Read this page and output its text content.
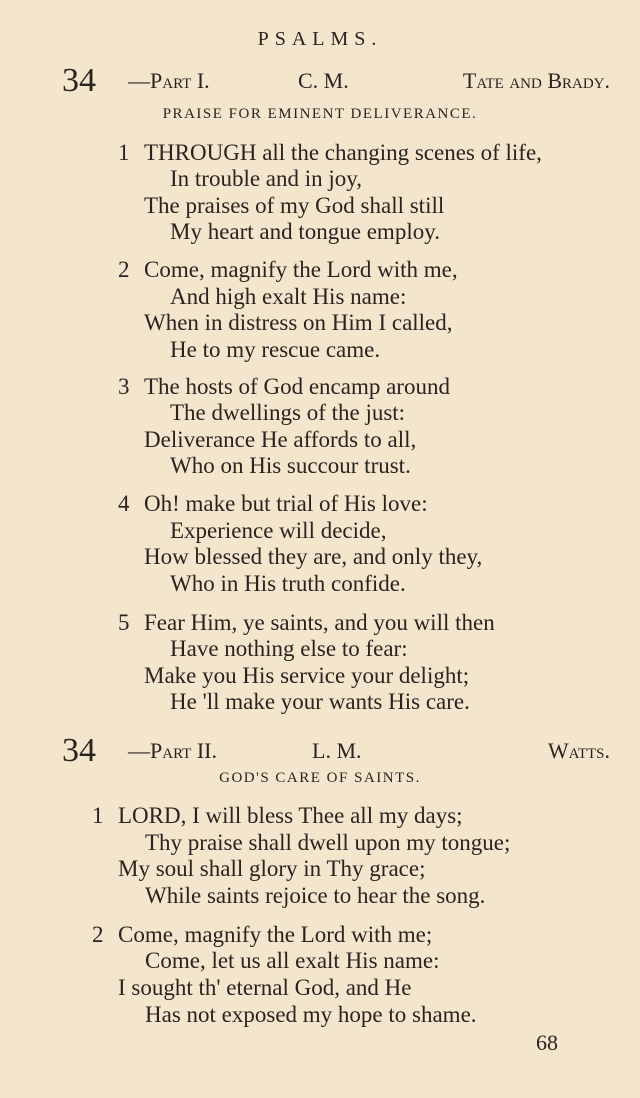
PSALMS.
34 —Part I.	C. M.	Tate and Brady.
PRAISE FOR EMINENT DELIVERANCE.
1 THROUGH all the changing scenes of life,
In trouble and in joy,
The praises of my God shall still
My heart and tongue employ.
2 Come, magnify the Lord with me,
And high exalt His name:
When in distress on Him I called,
He to my rescue came.
3 The hosts of God encamp around
The dwellings of the just:
Deliverance He affords to all,
Who on His succour trust.
4 Oh! make but trial of His love:
Experience will decide,
How blessed they are, and only they,
Who in His truth confide.
5 Fear Him, ye saints, and you will then
Have nothing else to fear:
Make you His service your delight;
He 'll make your wants His care.
34 —Part II.	L. M.	Watts.
GOD'S CARE OF SAINTS.
1 LORD, I will bless Thee all my days;
Thy praise shall dwell upon my tongue;
My soul shall glory in Thy grace;
While saints rejoice to hear the song.
2 Come, magnify the Lord with me;
Come, let us all exalt His name:
I sought th' eternal God, and He
Has not exposed my hope to shame.
68
